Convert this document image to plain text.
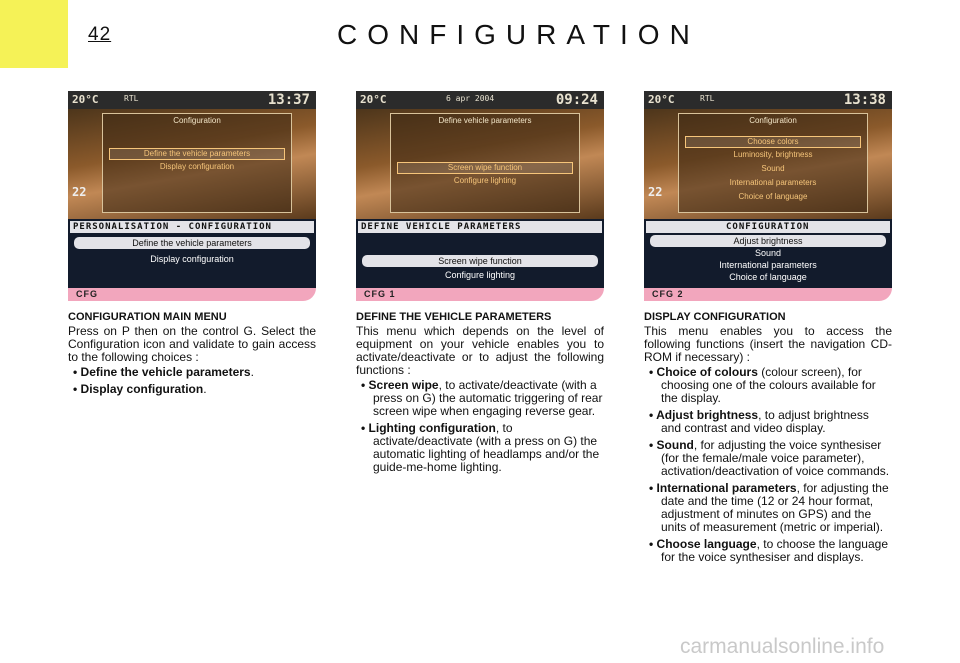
42	CONFIGURATION
20°C	RTL	13:37
Configuration
Define the vehicle parameters
Display configuration
22
PERSONALISATION - CONFIGURATION
Define the vehicle parameters
Display configuration
CFG
20°C	6 apr 2004	09:24
Define vehicle parameters
Screen wipe function
Configure lighting
DEFINE VEHICLE PARAMETERS
Screen wipe function
Configure lighting
CFG 1
20°C	RTL	13:38
Configuration
Choose colors
Luminosity, brightness
Sound
International parameters
Choice of language
22
CONFIGURATION
Adjust brightness
Sound
International parameters
Choice of language
CFG 2
CONFIGURATION MAIN MENU

Press on P then on the control G. Select the Configuration icon and validate to gain access to the following choices :

• Define the vehicle parameters.
• Display configuration.
DEFINE THE VEHICLE PARAMETERS

This menu which depends on the level of equipment on your vehicle enables you to activate/deactivate or to adjust the following functions :

• Screen wipe, to activate/deactivate (with a press on G) the automatic triggering of rear screen wipe when engaging reverse gear.
• Lighting configuration, to activate/deactivate (with a press on G) the automatic lighting of headlamps and/or the guide-me-home lighting.
DISPLAY CONFIGURATION

This menu enables you to access the following functions (insert the navigation CD-ROM if necessary) :

• Choice of colours (colour screen), for choosing one of the colours available for the display.
• Adjust brightness, to adjust brightness and contrast and video display.
• Sound, for adjusting the voice synthesiser (for the female/male voice parameter), activation/deactivation of voice commands.
• International parameters, for adjusting the date and the time (12 or 24 hour format, adjustment of minutes on GPS) and the units of measurement (metric or imperial).
• Choose language, to choose the language for the voice synthesiser and displays.
carmanualsonline.info
